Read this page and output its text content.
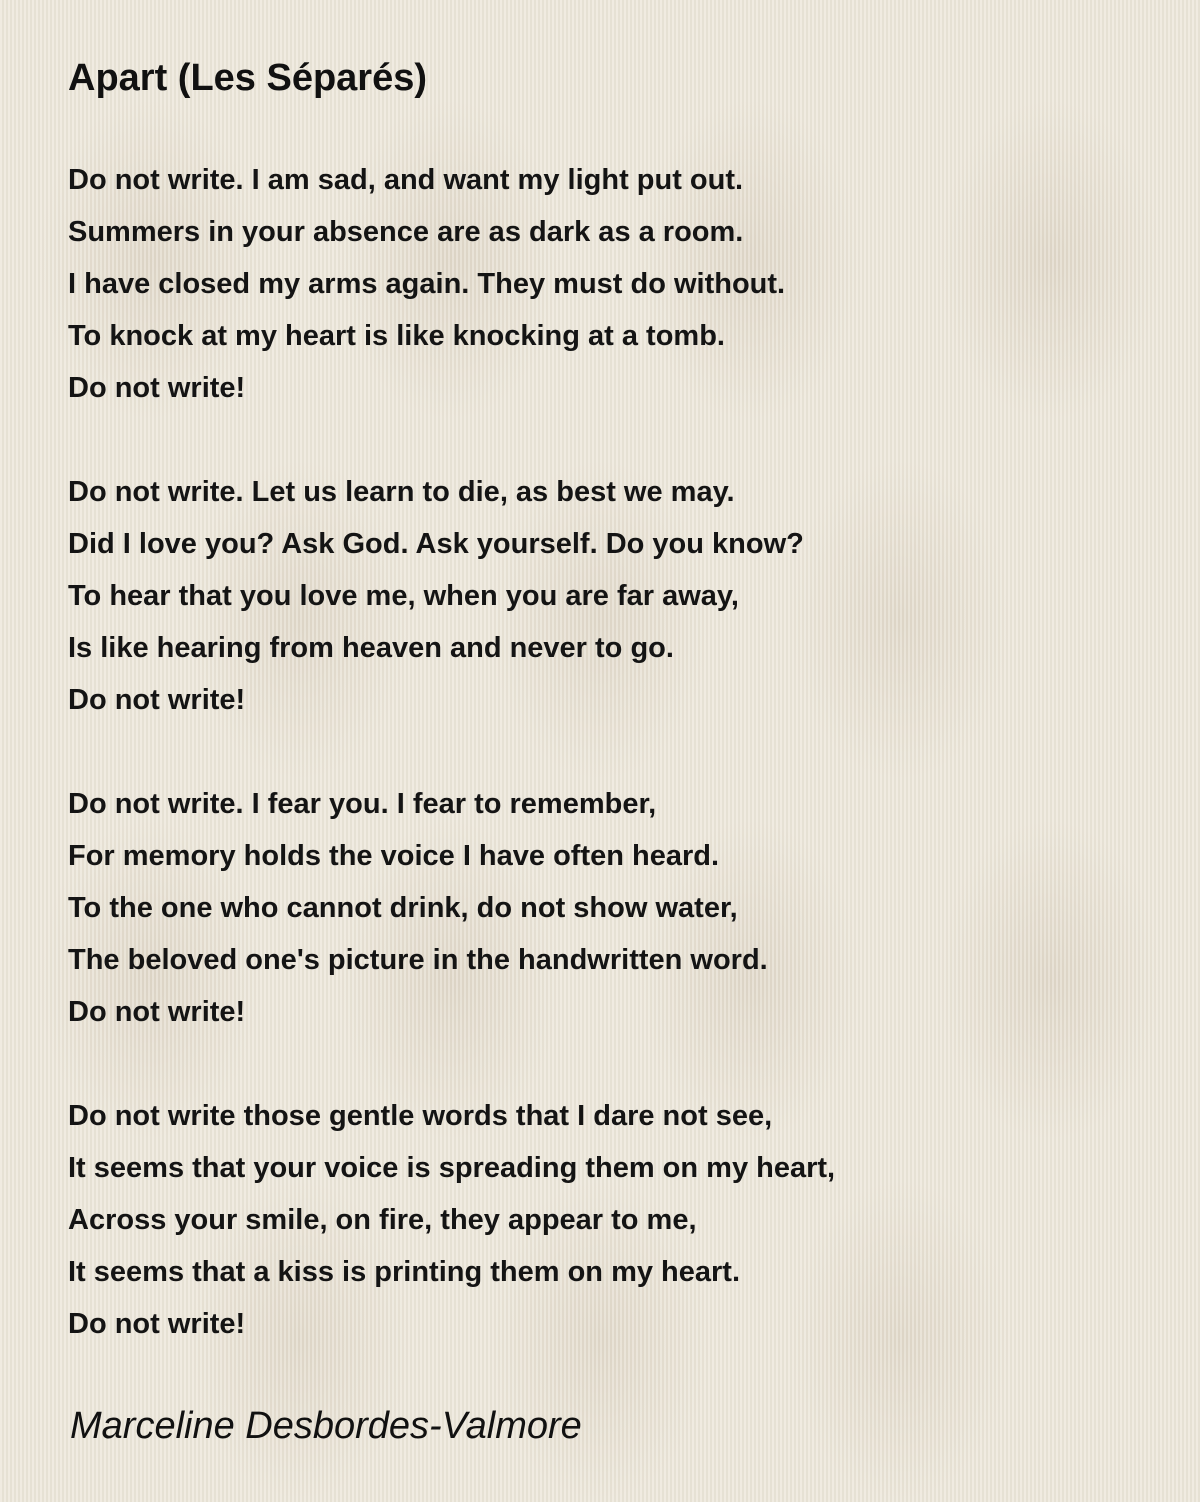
Apart (Les Séparés)
Do not write. I am sad, and want my light put out.
Summers in your absence are as dark as a room.
I have closed my arms again. They must do without.
To knock at my heart is like knocking at a tomb.
Do not write!
Do not write. Let us learn to die, as best we may.
Did I love you? Ask God. Ask yourself. Do you know?
To hear that you love me, when you are far away,
Is like hearing from heaven and never to go.
Do not write!
Do not write. I fear you. I fear to remember,
For memory holds the voice I have often heard.
To the one who cannot drink, do not show water,
The beloved one's picture in the handwritten word.
Do not write!
Do not write those gentle words that I dare not see,
It seems that your voice is spreading them on my heart,
Across your smile, on fire, they appear to me,
It seems that a kiss is printing them on my heart.
Do not write!
Marceline Desbordes-Valmore
